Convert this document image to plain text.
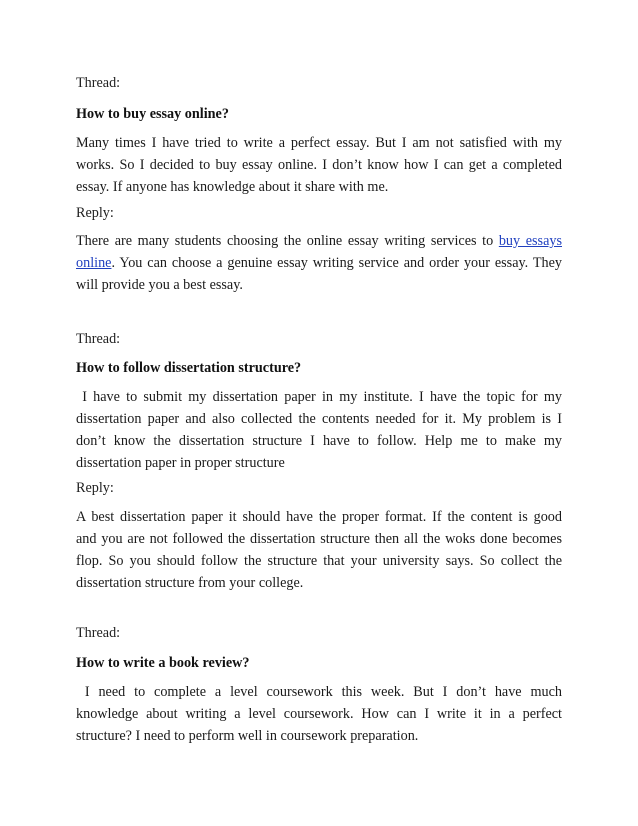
Thread:
How to buy essay online?
Many times I have tried to write a perfect essay. But I am not satisfied with my
works. So I decided to buy essay online. I don’t know how I can get a completed
essay. If anyone has knowledge about it share with me.
Reply:
There are many students choosing the online essay writing services to buy essays
online. You can choose a genuine essay writing service and order your essay. They
will provide you a best essay.
Thread:
How to follow dissertation structure?
I have to submit my dissertation paper in my institute. I have the topic for my
dissertation paper and also collected the contents needed for it. My problem is I
don’t know the dissertation structure I have to follow. Help me to make my
dissertation paper in proper structure
Reply:
A best dissertation paper it should have the proper format. If the content is good
and you are not followed the dissertation structure then all the woks done becomes
flop. So you should follow the structure that your university says. So collect the
dissertation structure from your college.
Thread:
How to write a book review?
I need to complete a level coursework this week. But I don’t have much
knowledge about writing a level coursework. How can I write it in a perfect
structure? I need to perform well in coursework preparation.
